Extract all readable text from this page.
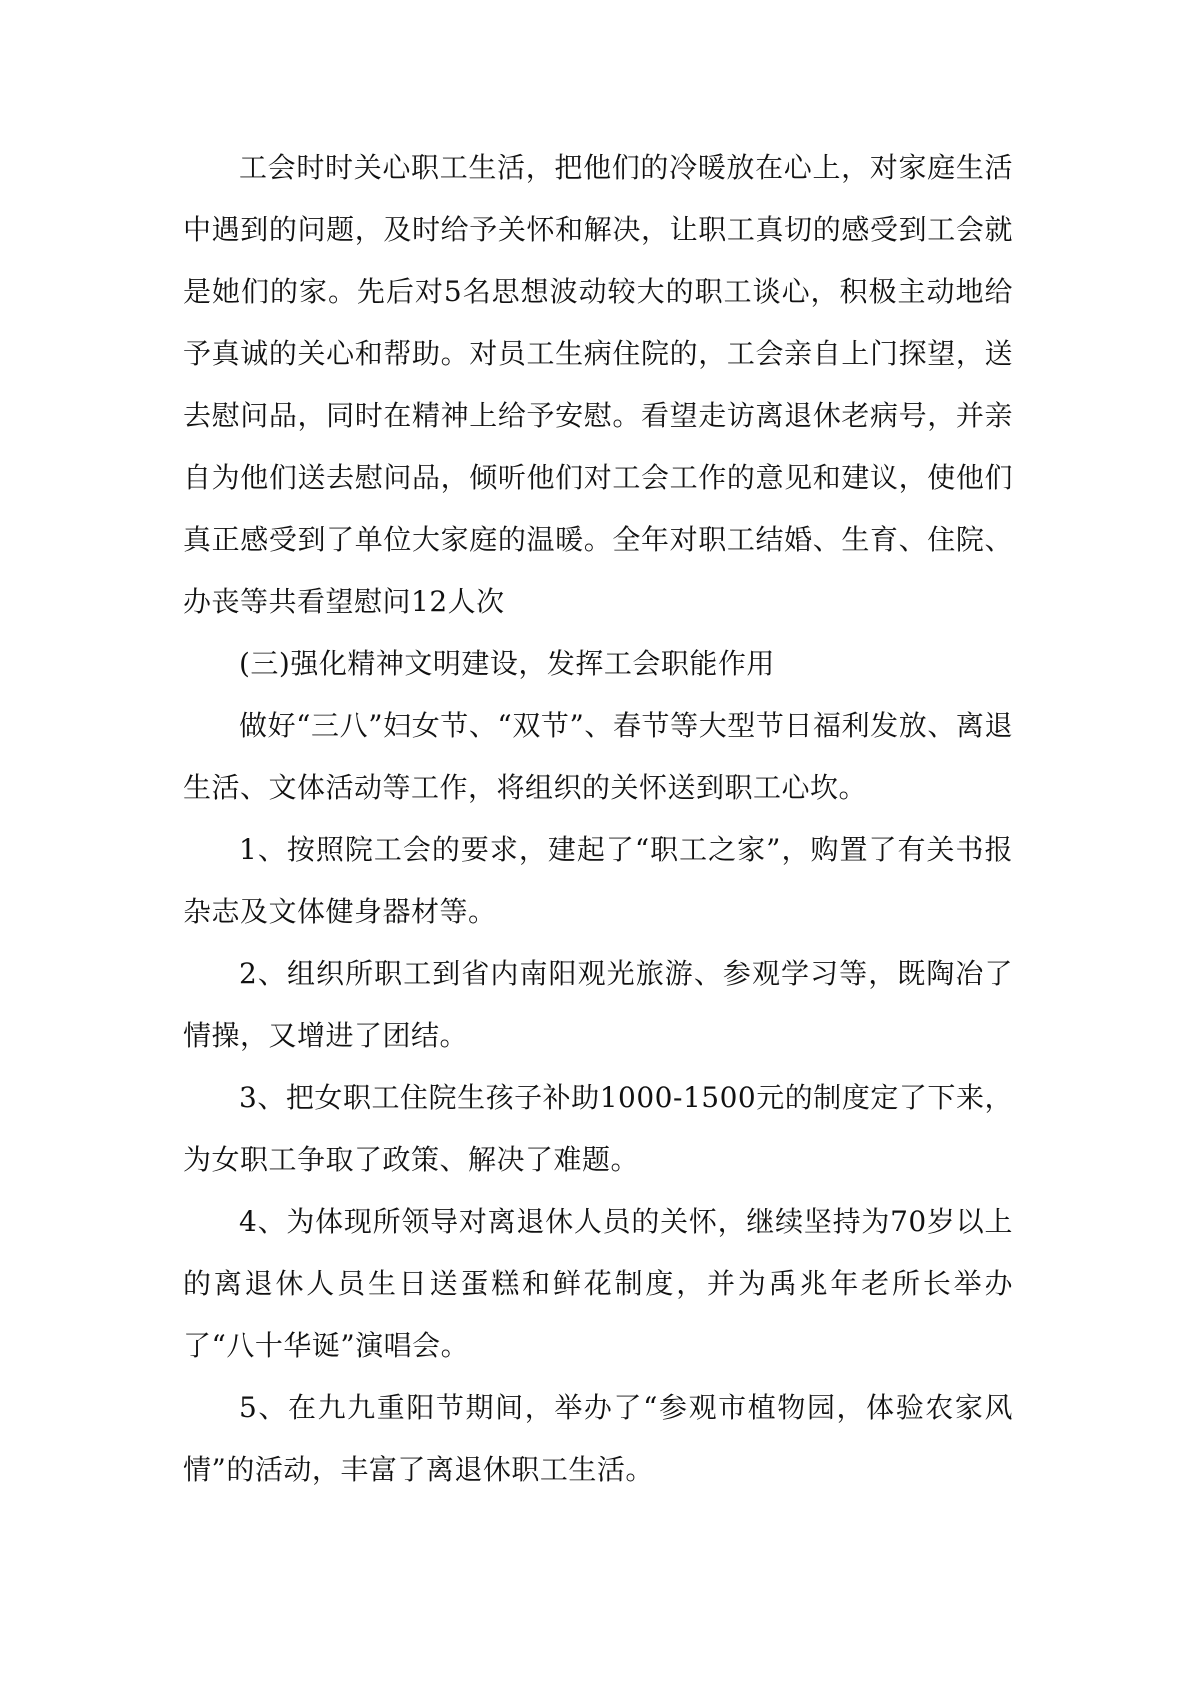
工会时时关心职工生活，把他们的冷暖放在心上，对家庭生活中遇到的问题，及时给予关怀和解决，让职工真切的感受到工会就是她们的家。先后对5名思想波动较大的职工谈心，积极主动地给予真诚的关心和帮助。对员工生病住院的，工会亲自上门探望，送去慰问品，同时在精神上给予安慰。看望走访离退休老病号，并亲自为他们送去慰问品，倾听他们对工会工作的意见和建议，使他们真正感受到了单位大家庭的温暖。全年对职工结婚、生育、住院、办丧等共看望慰问12人次

(三)强化精神文明建设，发挥工会职能作用

做好“三八”妇女节、“双节”、春节等大型节日福利发放、离退生活、文体活动等工作，将组织的关怀送到职工心坎。

1、按照院工会的要求，建起了“职工之家”，购置了有关书报杂志及文体健身器材等。

2、组织所职工到省内南阳观光旅游、参观学习等，既陶冶了情操，又增进了团结。

3、把女职工住院生孩子补助1000-1500元的制度定了下来，为女职工争取了政策、解决了难题。

4、为体现所领导对离退休人员的关怀，继续坚持为70岁以上的离退休人员生日送蛋糕和鲜花制度，并为禹兆年老所长举办了“八十华诞”演唱会。

5、在九九重阳节期间，举办了“参观市植物园，体验农家风情”的活动，丰富了离退休职工生活。
